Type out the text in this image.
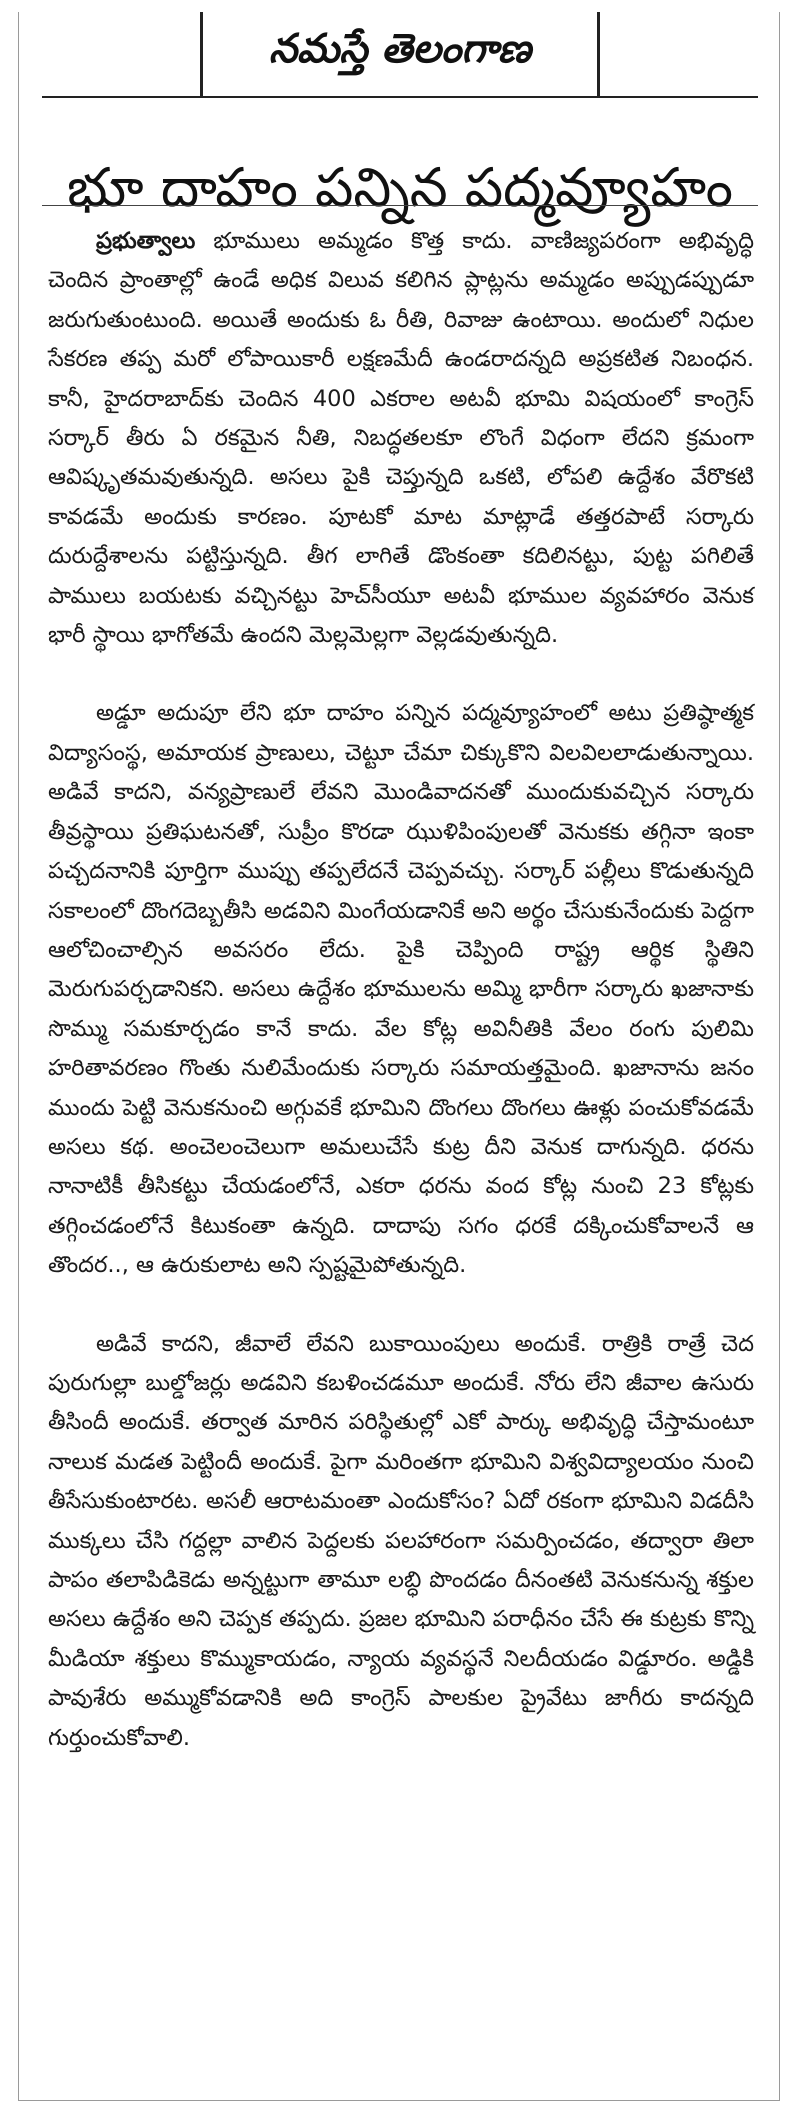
నమస్తే తెలంగాణ
భూ దాహం పన్నిన పద్మవ్యూహం

ప్రభుత్వాలు భూములు అమ్మడం కొత్త కాదు. వాణిజ్యపరంగా అభివృద్ధి చెందిన ప్రాంతాల్లో ఉండే అధిక విలువ కలిగిన ప్లాట్లను అమ్మడం అప్పుడప్పుడూ జరుగుతుంటుంది. అయితే అందుకు ఓ రీతి, రివాజు ఉంటాయి. అందులో నిధుల సేకరణ తప్ప మరో లోపాయికారీ లక్షణమేదీ ఉండరాదన్నది అప్రకటిత నిబంధన. కానీ, హైదరాబాద్‌కు చెందిన 400 ఎకరాల అటవీ భూమి విషయంలో కాంగ్రెస్ సర్కార్ తీరు ఏ రకమైన నీతి, నిబద్ధతలకూ లొంగే విధంగా లేదని క్రమంగా ఆవిష్కృతమవుతున్నది. అసలు పైకి చెప్తున్నది ఒకటి, లోపలి ఉద్దేశం వేరొకటి కావడమే అందుకు కారణం. పూటకో మాట మాట్లాడే తత్తరపాటే సర్కారు దురుద్దేశాలను పట్టిస్తున్నది. తీగ లాగితే డొంకంతా కదిలినట్టు, పుట్ట పగిలితే పాములు బయటకు వచ్చినట్టు హెచ్‌సీయూ అటవీ భూముల వ్యవహారం వెనుక భారీ స్థాయి భాగోతమే ఉందని మెల్లమెల్లగా వెల్లడవుతున్నది.

అడ్డూ అదుపూ లేని భూ దాహం పన్నిన పద్మవ్యూహంలో అటు ప్రతిష్ఠాత్మక విద్యాసంస్థ, అమాయక ప్రాణులు, చెట్టూ చేమా చిక్కుకొని విలవిలలాడుతున్నాయి. అడివే కాదని, వన్యప్రాణులే లేవని మొండివాదనతో ముందుకువచ్చిన సర్కారు తీవ్రస్థాయి ప్రతిఘటనతో, సుప్రీం కొరడా ఝుళిపింపులతో వెనుకకు తగ్గినా ఇంకా పచ్చదనానికి పూర్తిగా ముప్పు తప్పలేదనే చెప్పవచ్చు. సర్కార్ పల్లీలు కొడుతున్నది సకాలంలో దొంగదెబ్బతీసి అడవిని మింగేయడానికే అని అర్థం చేసుకునేందుకు పెద్దగా ఆలోచించాల్సిన అవసరం లేదు. పైకి చెప్పింది రాష్ట్ర ఆర్థిక స్థితిని మెరుగుపర్చడానికని. అసలు ఉద్దేశం భూములను అమ్మి భారీగా సర్కారు ఖజానాకు సొమ్ము సమకూర్చడం కానే కాదు. వేల కోట్ల అవినీతికి వేలం రంగు పులిమి హరితావరణం గొంతు నులిమేందుకు సర్కారు సమాయత్తమైంది. ఖజానాను జనం ముందు పెట్టి వెనుకనుంచి అగ్గువకే భూమిని దొంగలు దొంగలు ఊళ్లు పంచుకోవడమే అసలు కథ. అంచెలంచెలుగా అమలుచేసే కుట్ర దీని వెనుక దాగున్నది. ధరను నానాటికీ తీసికట్టు చేయడంలోనే, ఎకరా ధరను వంద కోట్ల నుంచి 23 కోట్లకు తగ్గించడంలోనే కిటుకంతా ఉన్నది. దాదాపు సగం ధరకే దక్కించుకోవాలనే ఆ తొందర.., ఆ ఉరుకులాట అని స్పష్టమైపోతున్నది.

అడివే కాదని, జీవాలే లేవని బుకాయింపులు అందుకే. రాత్రికి రాత్రే చెద పురుగుల్లా బుల్డోజర్లు అడవిని కబళించడమూ అందుకే. నోరు లేని జీవాల ఉసురు తీసిందీ అందుకే. తర్వాత మారిన పరిస్థితుల్లో ఎకో పార్కు అభివృద్ధి చేస్తామంటూ నాలుక మడత పెట్టిందీ అందుకే. పైగా మరింతగా భూమిని విశ్వవిద్యాలయం నుంచి తీసేసుకుంటారట. అసలీ ఆరాటమంతా ఎందుకోసం? ఏదో రకంగా భూమిని విడదీసి ముక్కలు చేసి గద్దల్లా వాలిన పెద్దలకు పలహారంగా సమర్పించడం, తద్వారా తిలా పాపం తలాపిడికెడు అన్నట్టుగా తామూ లబ్ధి పొందడం దీనంతటి వెనుకనున్న శక్తుల అసలు ఉద్దేశం అని చెప్పక తప్పదు. ప్రజల భూమిని పరాధీనం చేసే ఈ కుట్రకు కొన్ని మీడియా శక్తులు కొమ్ముకాయడం, న్యాయ వ్యవస్థనే నిలదీయడం విడ్డూరం. అడ్డికి పావుశేరు అమ్ముకోవడానికి అది కాంగ్రెస్ పాలకుల ప్రైవేటు జాగీరు కాదన్నది గుర్తుంచుకోవాలి.
